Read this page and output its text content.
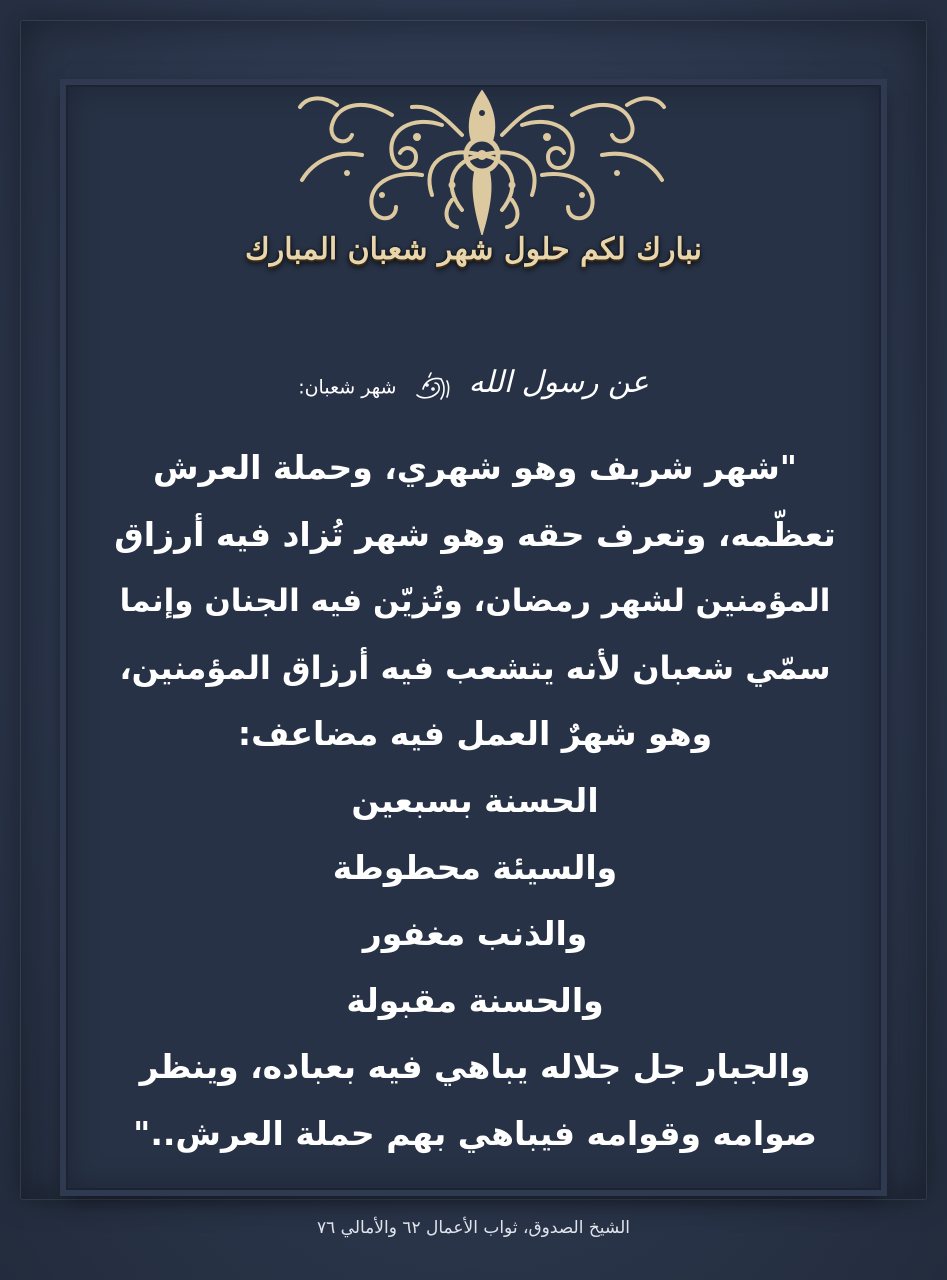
نبارك لكم حلول شهر شعبان المبارك
عن رسول الله  شهر شعبان:
"شهر شريف وهو شهري، وحملة العرش
تعظّمه، وتعرف حقه وهو شهر تُزاد فيه أرزاق
المؤمنين لشهر رمضان، وتُزيّن فيه الجنان وإنما
سمّي شعبان لأنه يتشعب فيه أرزاق المؤمنين،
وهو شهرٌ العمل فيه مضاعف:
الحسنة بسبعين
والسيئة محطوطة
والذنب مغفور
والحسنة مقبولة
والجبار جل جلاله يباهي فيه بعباده، وينظر
صوامه وقوامه فيباهي بهم حملة العرش.."
الشيخ الصدوق، ثواب الأعمال ٦٢ والأمالي ٧٦
